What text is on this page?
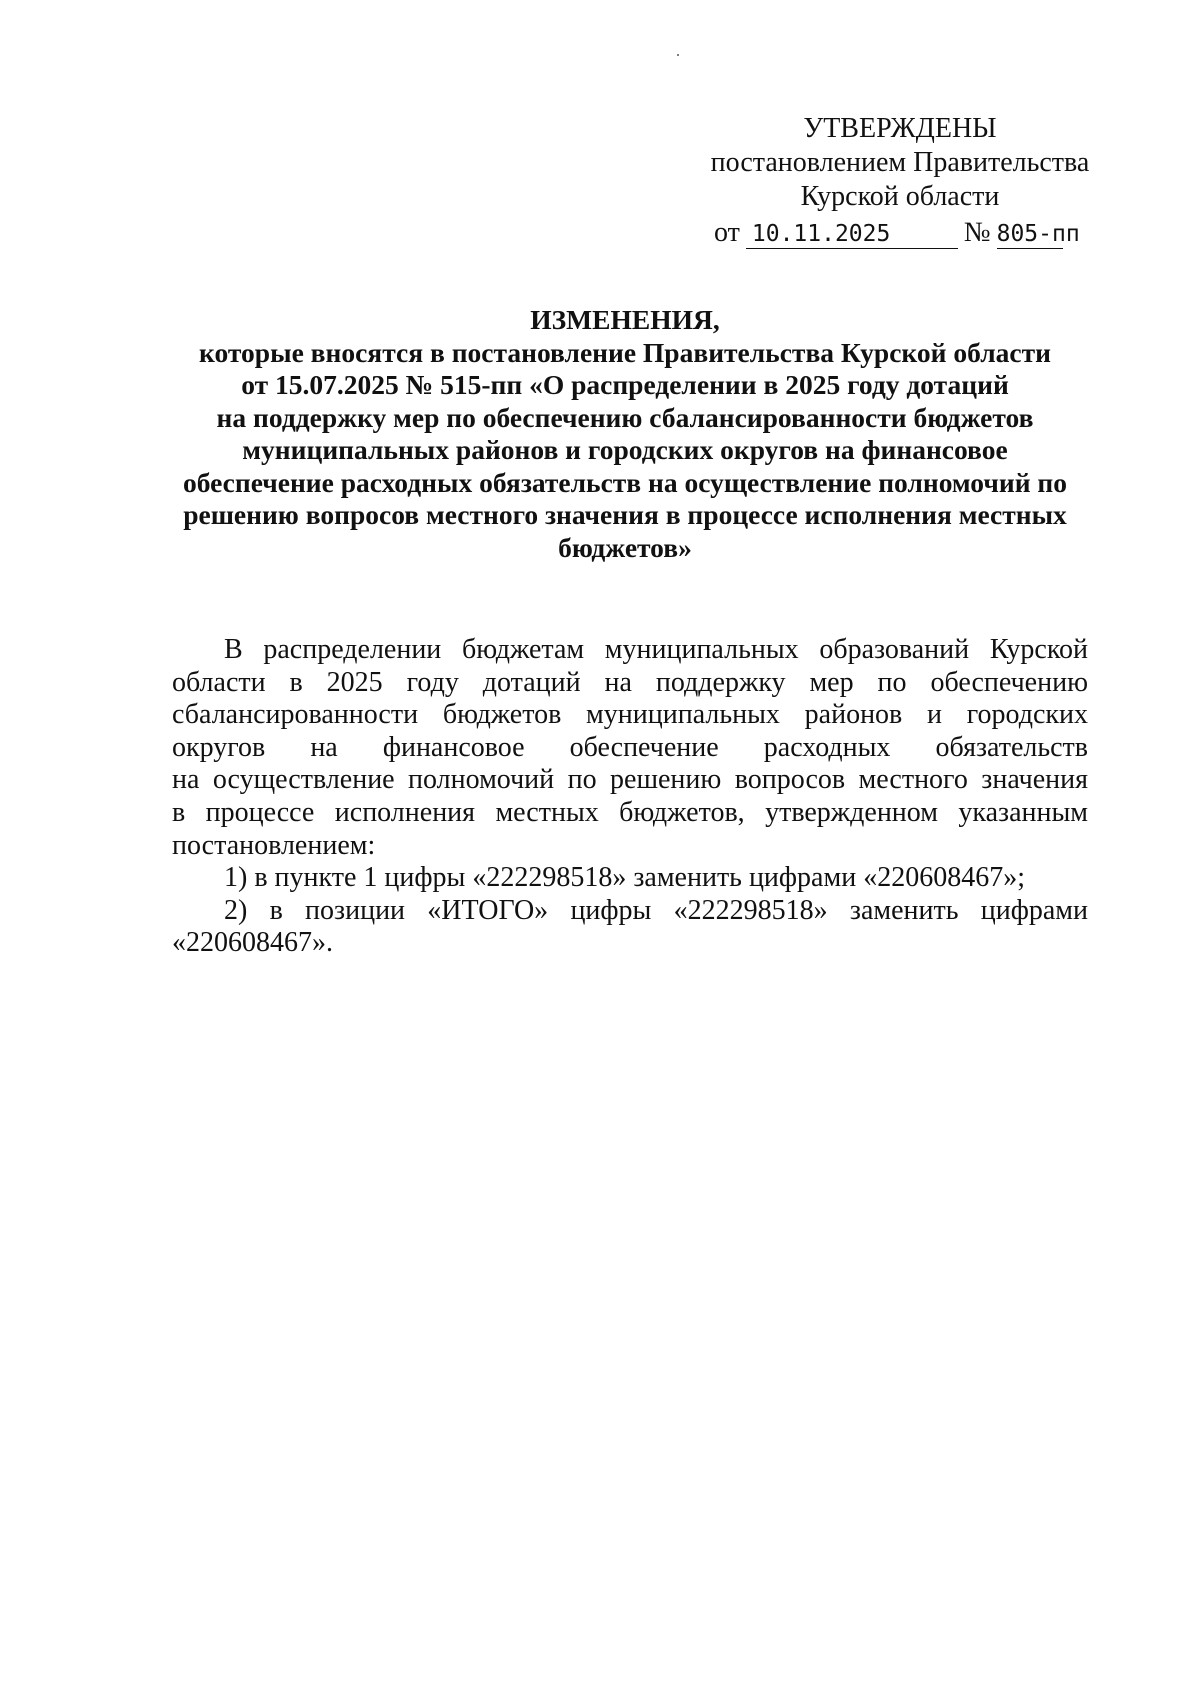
УТВЕРЖДЕНЫ
постановлением Правительства
Курской области
от 10.11.2025	№ 805-пп
ИЗМЕНЕНИЯ,
которые вносятся в постановление Правительства Курской области
от 15.07.2025 № 515-пп «О распределении в 2025 году дотаций
на поддержку мер по обеспечению сбалансированности бюджетов
муниципальных районов и городских округов на финансовое
обеспечение расходных обязательств на осуществление полномочий по
решению вопросов местного значения в процессе исполнения местных
бюджетов»
В распределении бюджетам муниципальных образований Курской
области в 2025 году дотаций на поддержку мер по обеспечению
сбалансированности бюджетов муниципальных районов и городских
округов на финансовое обеспечение расходных обязательств
на осуществление полномочий по решению вопросов местного значения
в процессе исполнения местных бюджетов, утвержденном указанным
постановлением:
1) в пункте 1 цифры «222298518» заменить цифрами «220608467»;
2) в позиции «ИТОГО» цифры «222298518» заменить цифрами
«220608467».
